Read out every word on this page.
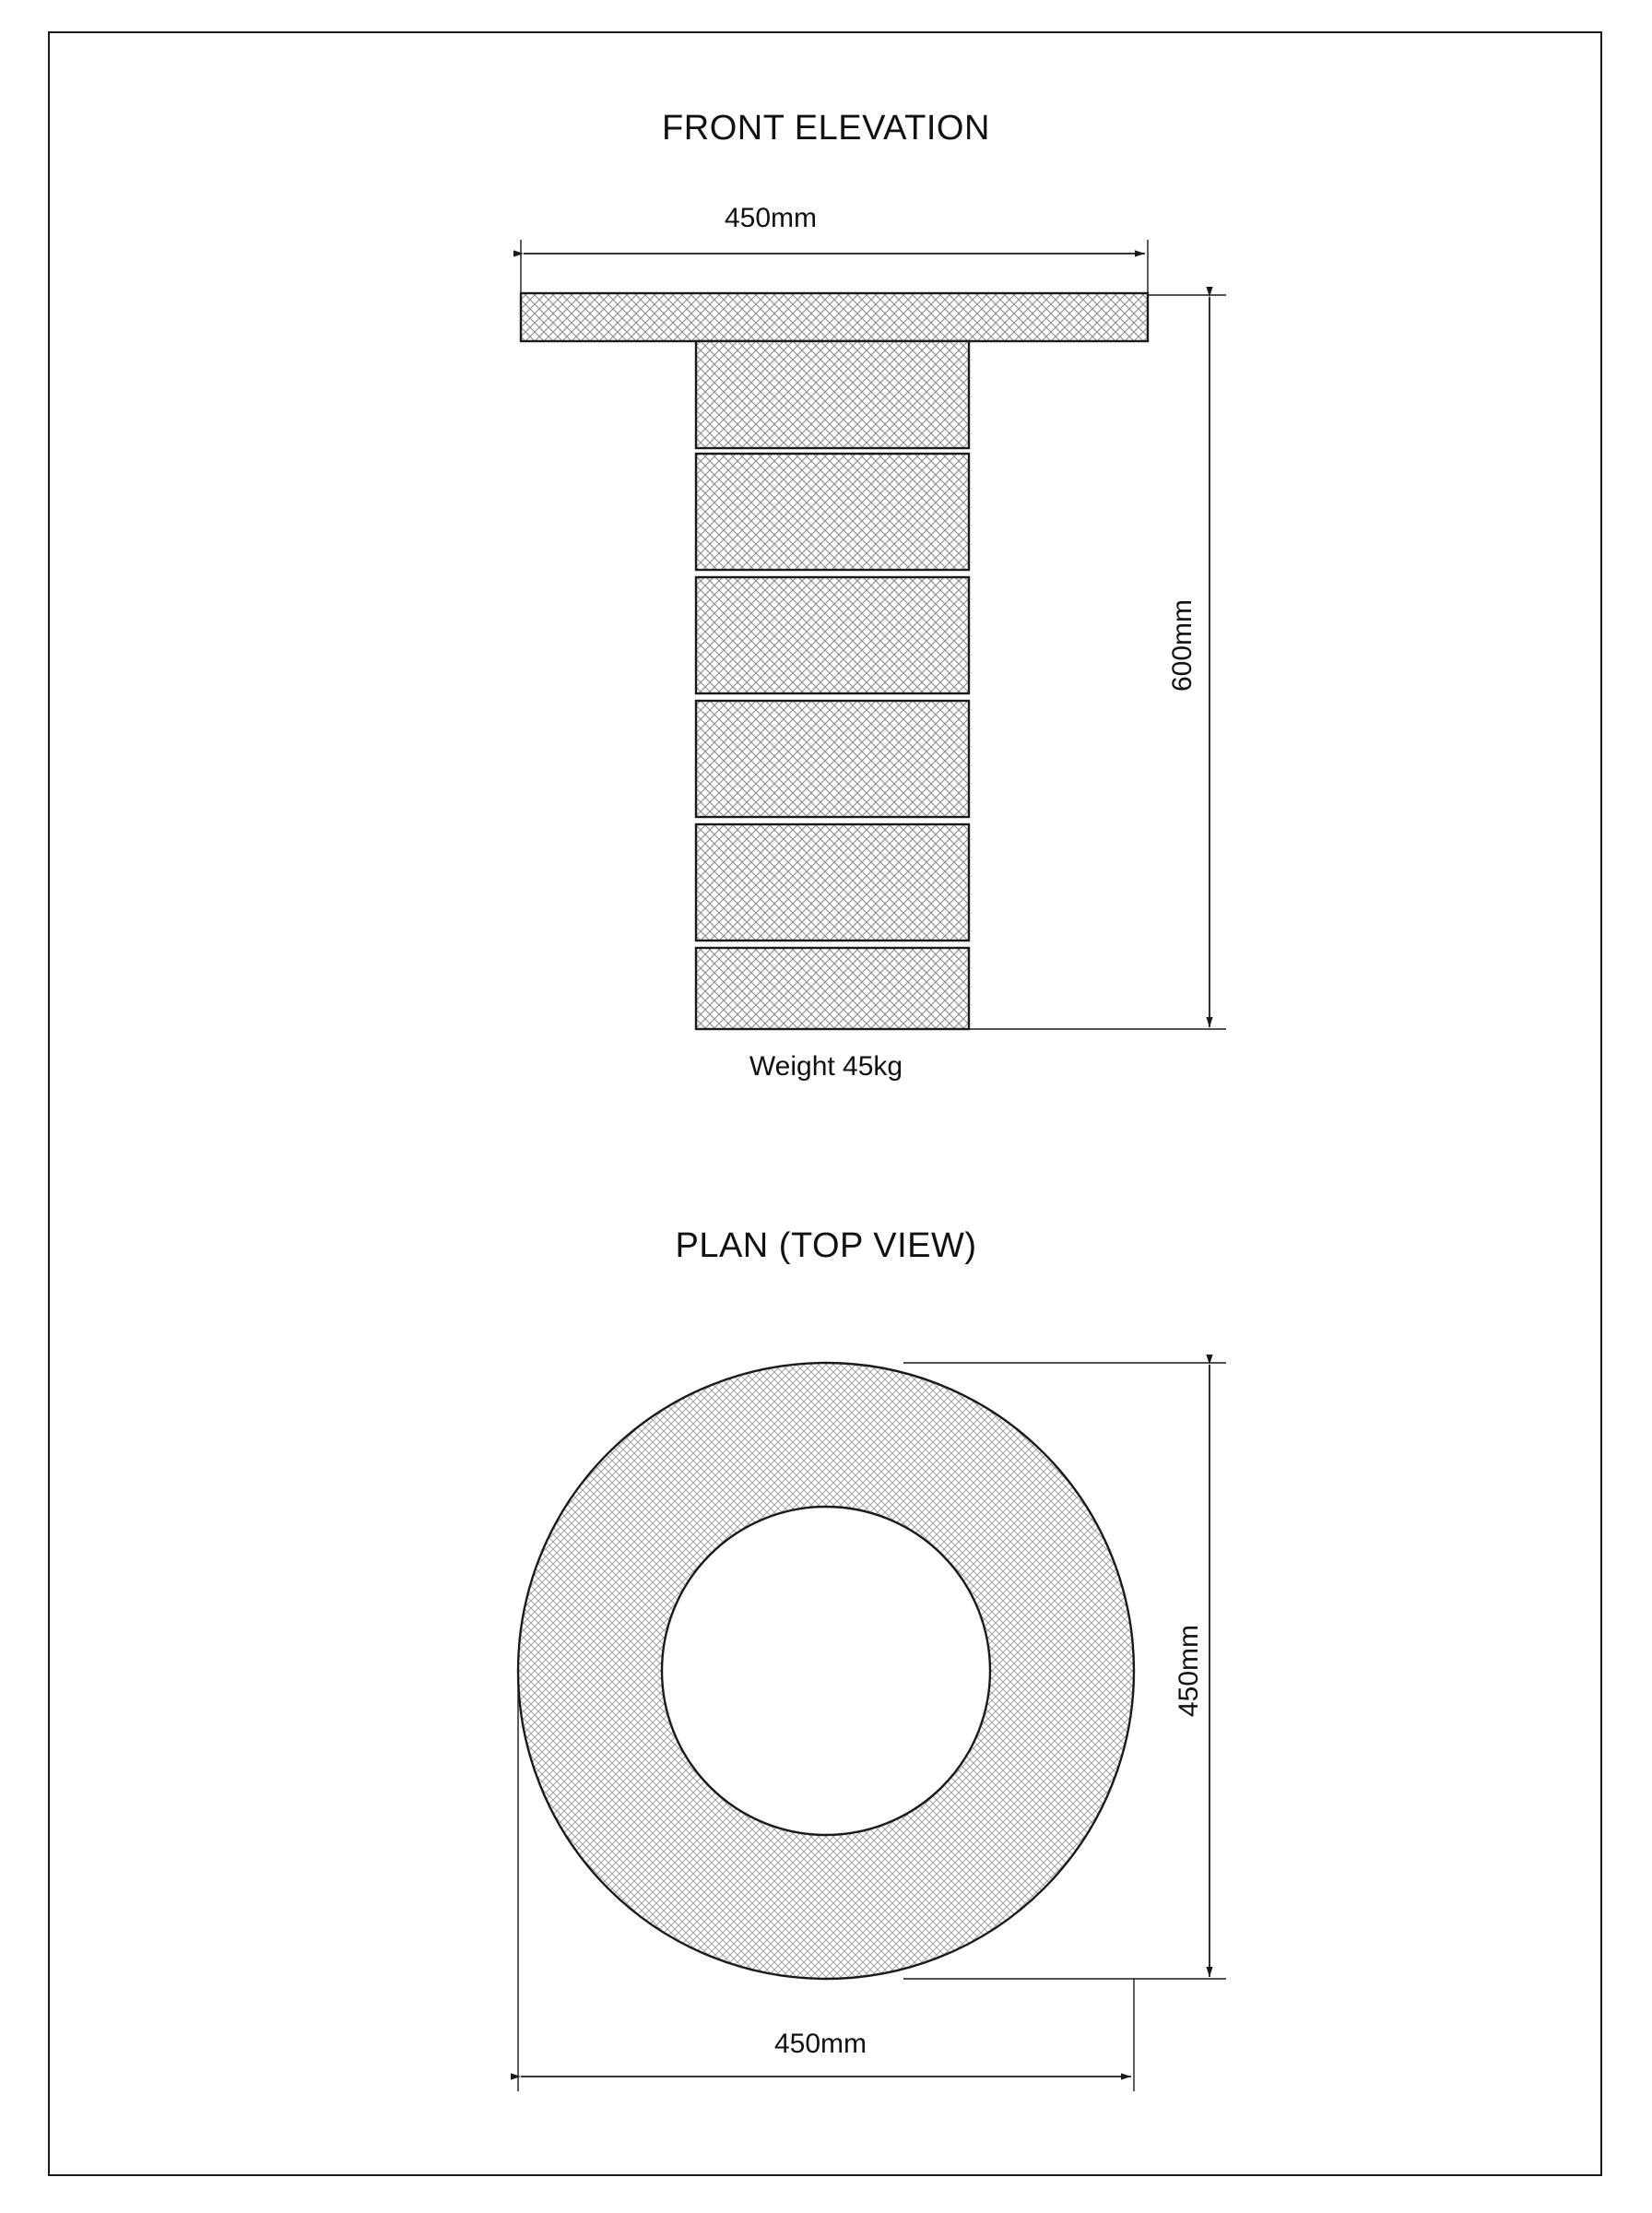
FRONT ELEVATION
450mm
600mm
Weight 45kg
PLAN (TOP VIEW)
450mm
450mm
